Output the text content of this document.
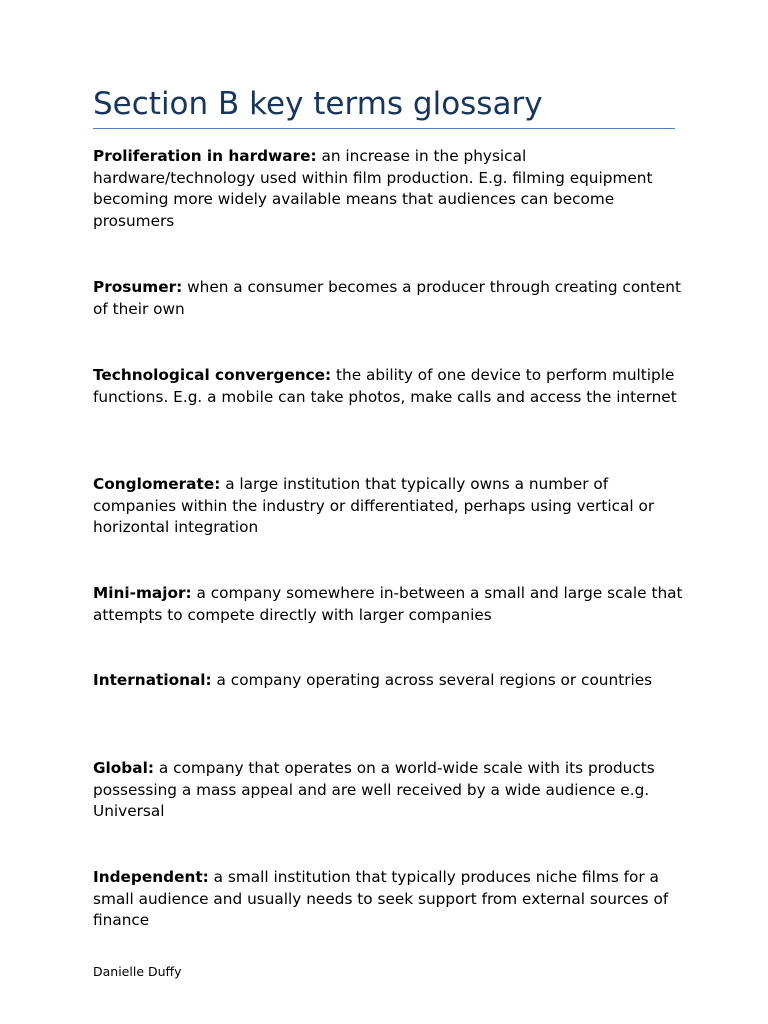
Section B key terms glossary

Proliferation in hardware: an increase in the physical hardware/technology used within film production. E.g. filming equipment becoming more widely available means that audiences can become prosumers

Prosumer: when a consumer becomes a producer through creating content of their own

Technological convergence: the ability of one device to perform multiple functions. E.g. a mobile can take photos, make calls and access the internet

Conglomerate: a large institution that typically owns a number of companies within the industry or differentiated, perhaps using vertical or horizontal integration

Mini-major: a company somewhere in-between a small and large scale that attempts to compete directly with larger companies

International: a company operating across several regions or countries

Global: a company that operates on a world-wide scale with its products possessing a mass appeal and are well received by a wide audience e.g. Universal

Independent: a small institution that typically produces niche films for a small audience and usually needs to seek support from external sources of finance

Danielle Duffy
